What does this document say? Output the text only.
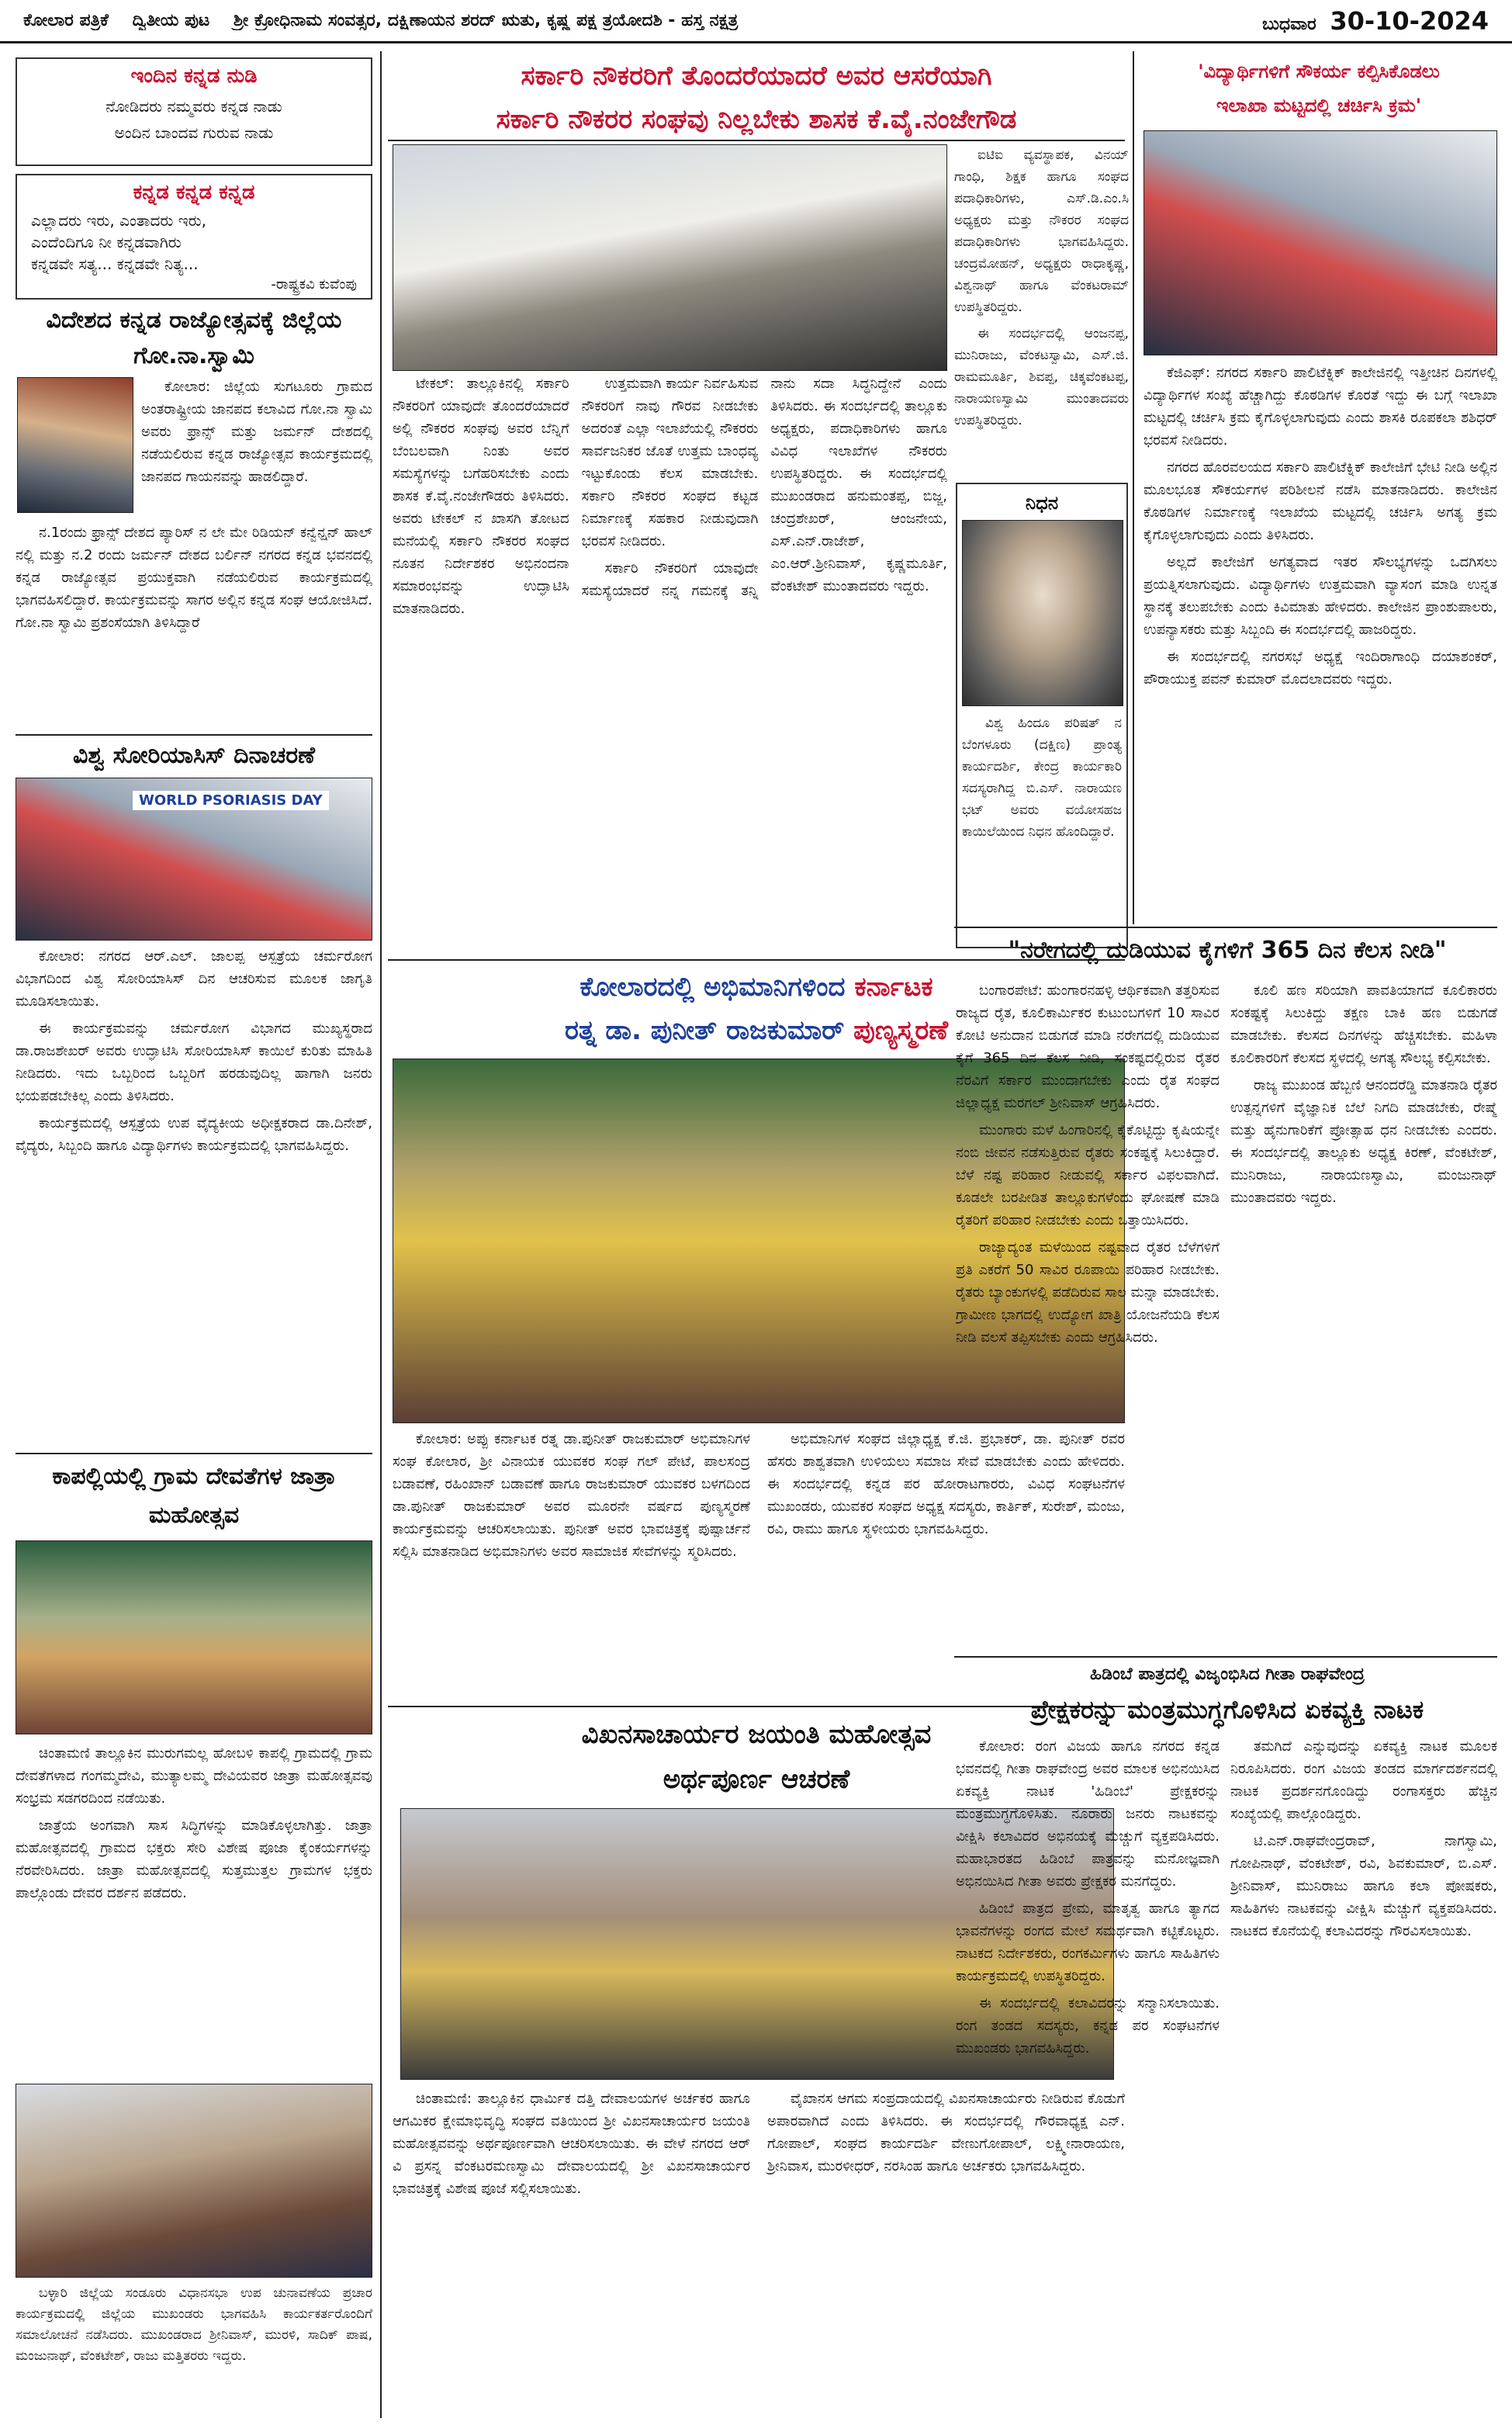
ಕೋಲಾರ ಪತ್ರಿಕೆ ದ್ವಿತೀಯ ಪುಟ ಶ್ರೀ ಕ್ರೋಧಿನಾಮ ಸಂವತ್ಸರ, ದಕ್ಷಿಣಾಯನ ಶರದ್ ಋತು, ಕೃಷ್ಣ ಪಕ್ಷ ತ್ರಯೋದಶಿ - ಹಸ್ತ ನಕ್ಷತ್ರ	ಬುಧವಾರ 30-10-2024
ಇಂದಿನ ಕನ್ನಡ ನುಡಿ
ನೋಡಿದರು ನಮ್ಮವರು ಕನ್ನಡ ನಾಡು
ಅಂದಿನ ಬಾಂದವ ಗುರುವ ನಾಡು
ಕನ್ನಡ ಕನ್ನಡ ಕನ್ನಡ
ಎಲ್ಲಾದರು ಇರು, ಎಂತಾದರು ಇರು,
ಎಂದೆಂದಿಗೂ ನೀ ಕನ್ನಡವಾಗಿರು
ಕನ್ನಡವೇ ಸತ್ಯ... ಕನ್ನಡವೇ ನಿತ್ಯ...
-ರಾಷ್ಟ್ರಕವಿ ಕುವೆಂಪು
ವಿದೇಶದ ಕನ್ನಡ ರಾಜ್ಯೋತ್ಸವಕ್ಕೆ ಜಿಲ್ಲೆಯ ಗೋ.ನಾ.ಸ್ವಾಮಿ

ಕೋಲಾರ: ಜಿಲ್ಲೆಯ ಸುಗಟೂರು ಗ್ರಾಮದ ಅಂತರಾಷ್ಟ್ರೀಯ ಜಾನಪದ ಕಲಾವಿದ ಗೋ.ನಾ ಸ್ವಾಮಿ ಅವರು ಫ್ರಾನ್ಸ್ ಮತ್ತು ಜರ್ಮನ್ ದೇಶದಲ್ಲಿ ನಡೆಯಲಿರುವ ಕನ್ನಡ ರಾಜ್ಯೋತ್ಸವ ಕಾರ್ಯಕ್ರಮದಲ್ಲಿ ಜಾನಪದ ಗಾಯನವನ್ನು ಹಾಡಲಿದ್ದಾರೆ.

ನ.1ರಂದು ಫ್ರಾನ್ಸ್ ದೇಶದ ಪ್ಯಾರಿಸ್ ನ ಲೇ ಮೇ ರಿಡಿಯನ್ ಕನ್ವೆನ್ಷನ್ ಹಾಲ್ ನಲ್ಲಿ ಮತ್ತು ನ.2 ರಂದು ಜರ್ಮನ್ ದೇಶದ ಬರ್ಲಿನ್ ನಗರದ ಕನ್ನಡ ಭವನದಲ್ಲಿ ಕನ್ನಡ ರಾಜ್ಯೋತ್ಸವ ಪ್ರಯುಕ್ತವಾಗಿ ನಡೆಯಲಿರುವ ಕಾರ್ಯಕ್ರಮದಲ್ಲಿ ಭಾಗವಹಿಸಲಿದ್ದಾರೆ. ಕಾರ್ಯಕ್ರಮವನ್ನು ಸಾಗರ ಅಲ್ಲಿನ ಕನ್ನಡ ಸಂಘ ಆಯೋಜಿಸಿದೆ. ಗೋ.ನಾ ಸ್ವಾಮಿ ಪ್ರಶಂಸೆಯಾಗಿ ತಿಳಿಸಿದ್ದಾರೆ

ವಿಶ್ವ ಸೋರಿಯಾಸಿಸ್ ದಿನಾಚರಣೆ
WORLD PSORIASIS DAY

ಕೋಲಾರ: ನಗರದ ಆರ್.ಎಲ್. ಜಾಲಪ್ಪ ಆಸ್ಪತ್ರೆಯ ಚರ್ಮರೋಗ ವಿಭಾಗದಿಂದ ವಿಶ್ವ ಸೋರಿಯಾಸಿಸ್ ದಿನ ಆಚರಿಸುವ ಮೂಲಕ ಜಾಗೃತಿ ಮೂಡಿಸಲಾಯಿತು.

ಈ ಕಾರ್ಯಕ್ರಮವನ್ನು ಚರ್ಮರೋಗ ವಿಭಾಗದ ಮುಖ್ಯಸ್ಥರಾದ ಡಾ.ರಾಜಶೇಖರ್ ಅವರು ಉದ್ಘಾಟಿಸಿ ಸೋರಿಯಾಸಿಸ್ ಕಾಯಿಲೆ ಕುರಿತು ಮಾಹಿತಿ ನೀಡಿದರು. ಇದು ಒಬ್ಬರಿಂದ ಒಬ್ಬರಿಗೆ ಹರಡುವುದಿಲ್ಲ ಹಾಗಾಗಿ ಜನರು ಭಯಪಡಬೇಕಿಲ್ಲ ಎಂದು ತಿಳಿಸಿದರು.

ಕಾರ್ಯಕ್ರಮದಲ್ಲಿ ಆಸ್ಪತ್ರೆಯ ಉಪ ವೈದ್ಯಕೀಯ ಅಧೀಕ್ಷಕರಾದ ಡಾ.ದಿನೇಶ್, ವೈದ್ಯರು, ಸಿಬ್ಬಂದಿ ಹಾಗೂ ವಿದ್ಯಾರ್ಥಿಗಳು ಕಾರ್ಯಕ್ರಮದಲ್ಲಿ ಭಾಗವಹಿಸಿದ್ದರು.

ಕಾಪಲ್ಲಿಯಲ್ಲಿ ಗ್ರಾಮ ದೇವತೆಗಳ ಜಾತ್ರಾ ಮಹೋತ್ಸವ

ಚಿಂತಾಮಣಿ ತಾಲ್ಲೂಕಿನ ಮುರುಗಮಲ್ಲ ಹೋಬಳಿ ಕಾಪಲ್ಲಿ ಗ್ರಾಮದಲ್ಲಿ ಗ್ರಾಮ ದೇವತೆಗಳಾದ ಗಂಗಮ್ಮದೇವಿ, ಮುತ್ಯಾಲಮ್ಮ ದೇವಿಯವರ ಜಾತ್ರಾ ಮಹೋತ್ಸವವು ಸಂಭ್ರಮ ಸಡಗರದಿಂದ ನಡೆಯಿತು.

ಜಾತ್ರೆಯ ಅಂಗವಾಗಿ ಸಾಸ ಸಿದ್ಧಿಗಳನ್ನು ಮಾಡಿಕೊಳ್ಳಲಾಗಿತ್ತು. ಜಾತ್ರಾ ಮಹೋತ್ಸವದಲ್ಲಿ ಗ್ರಾಮದ ಭಕ್ತರು ಸೇರಿ ವಿಶೇಷ ಪೂಜಾ ಕೈಂಕರ್ಯಗಳನ್ನು ನೆರವೇರಿಸಿದರು. ಜಾತ್ರಾ ಮಹೋತ್ಸವದಲ್ಲಿ ಸುತ್ತಮುತ್ತಲ ಗ್ರಾಮಗಳ ಭಕ್ತರು ಪಾಲ್ಗೊಂಡು ದೇವರ ದರ್ಶನ ಪಡೆದರು.

ಬಳ್ಳಾರಿ ಜಿಲ್ಲೆಯ ಸಂಡೂರು ವಿಧಾನಸಭಾ ಉಪ ಚುನಾವಣೆಯ ಪ್ರಚಾರ ಕಾರ್ಯಕ್ರಮದಲ್ಲಿ ಜಿಲ್ಲೆಯ ಮುಖಂಡರು ಭಾಗವಹಿಸಿ ಕಾರ್ಯಕರ್ತರೊಂದಿಗೆ ಸಮಾಲೋಚನೆ ನಡೆಸಿದರು. ಮುಖಂಡರಾದ ಶ್ರೀನಿವಾಸ್, ಮುರಳಿ, ಸಾದಿಕ್ ಪಾಷ, ಮಂಜುನಾಥ್, ವೆಂಕಟೇಶ್, ರಾಜು ಮತ್ತಿತರರು ಇದ್ದರು.

ಸರ್ಕಾರಿ ನೌಕರರಿಗೆ ತೊಂದರೆಯಾದರೆ ಅವರ ಆಸರೆಯಾಗಿ
ಸರ್ಕಾರಿ ನೌಕರರ ಸಂಘವು ನಿಲ್ಲಬೇಕು ಶಾಸಕ ಕೆ.ವೈ.ನಂಜೇಗೌಡ

ಐಟಿಐ ವ್ಯವಸ್ಥಾಪಕ, ವಿನಯ್ ಗಾಂಧಿ, ಶಿಕ್ಷಕ ಹಾಗೂ ಸಂಘದ ಪದಾಧಿಕಾರಿಗಳು, ಎಸ್.ಡಿ.ಎಂ.ಸಿ ಅಧ್ಯಕ್ಷರು ಮತ್ತು ನೌಕರರ ಸಂಘದ ಪದಾಧಿಕಾರಿಗಳು ಭಾಗವಹಿಸಿದ್ದರು. ಚಂದ್ರಮೋಹನ್, ಅಧ್ಯಕ್ಷರು ರಾಧಾಕೃಷ್ಣ, ವಿಶ್ವನಾಥ್ ಹಾಗೂ ವೆಂಕಟರಾಮ್ ಉಪಸ್ಥಿತರಿದ್ದರು.

ಈ ಸಂದರ್ಭದಲ್ಲಿ ಆಂಜನಪ್ಪ, ಮುನಿರಾಜು, ವೆಂಕಟಸ್ವಾಮಿ, ಎಸ್.ಜಿ. ರಾಮಮೂರ್ತಿ, ಶಿವಪ್ಪ, ಚಿಕ್ಕವೆಂಕಟಪ್ಪ, ನಾರಾಯಣಸ್ವಾಮಿ ಮುಂತಾದವರು ಉಪಸ್ಥಿತರಿದ್ದರು.

ಟೇಕಲ್: ತಾಲ್ಲೂಕಿನಲ್ಲಿ ಸರ್ಕಾರಿ ನೌಕರರಿಗೆ ಯಾವುದೇ ತೊಂದರೆಯಾದರೆ ಅಲ್ಲಿ ನೌಕರರ ಸಂಘವು ಅವರ ಬೆನ್ನಿಗೆ ಬೆಂಬಲವಾಗಿ ನಿಂತು ಅವರ ಸಮಸ್ಯೆಗಳನ್ನು ಬಗೆಹರಿಸಬೇಕು ಎಂದು ಶಾಸಕ ಕೆ.ವೈ.ನಂಜೇಗೌಡರು ತಿಳಿಸಿದರು. ಅವರು ಟೇಕಲ್ ನ ಖಾಸಗಿ ತೋಟದ ಮನೆಯಲ್ಲಿ ಸರ್ಕಾರಿ ನೌಕರರ ಸಂಘದ ನೂತನ ನಿರ್ದೇಶಕರ ಅಭಿನಂದನಾ ಸಮಾರಂಭವನ್ನು ಉದ್ಘಾಟಿಸಿ ಮಾತನಾಡಿದರು.

ಉತ್ತಮವಾಗಿ ಕಾರ್ಯ ನಿರ್ವಹಿಸುವ ನೌಕರರಿಗೆ ನಾವು ಗೌರವ ನೀಡಬೇಕು ಅದರಂತೆ ಎಲ್ಲಾ ಇಲಾಖೆಯಲ್ಲಿ ನೌಕರರು ಸಾರ್ವಜನಿಕರ ಜೊತೆ ಉತ್ತಮ ಬಾಂಧವ್ಯ ಇಟ್ಟುಕೊಂಡು ಕೆಲಸ ಮಾಡಬೇಕು. ಸರ್ಕಾರಿ ನೌಕರರ ಸಂಘದ ಕಟ್ಟಡ ನಿರ್ಮಾಣಕ್ಕೆ ಸಹಕಾರ ನೀಡುವುದಾಗಿ ಭರವಸೆ ನೀಡಿದರು.

ಸರ್ಕಾರಿ ನೌಕರರಿಗೆ ಯಾವುದೇ ಸಮಸ್ಯೆಯಾದರೆ ನನ್ನ ಗಮನಕ್ಕೆ ತನ್ನಿ ನಾನು ಸದಾ ಸಿದ್ಧನಿದ್ದೇನೆ ಎಂದು ತಿಳಿಸಿದರು. ಈ ಸಂದರ್ಭದಲ್ಲಿ ತಾಲ್ಲೂಕು ಅಧ್ಯಕ್ಷರು, ಪದಾಧಿಕಾರಿಗಳು ಹಾಗೂ ವಿವಿಧ ಇಲಾಖೆಗಳ ನೌಕರರು ಉಪಸ್ಥಿತರಿದ್ದರು. ಈ ಸಂದರ್ಭದಲ್ಲಿ ಮುಖಂಡರಾದ ಹನುಮಂತಪ್ಪ, ಬಿಜ್ಜ, ಚಂದ್ರಶೇಖರ್, ಆಂಜನೇಯ, ಎಸ್.ಎನ್.ರಾಜೇಶ್, ಎಂ.ಆರ್.ಶ್ರೀನಿವಾಸ್, ಕೃಷ್ಣಮೂರ್ತಿ, ವೆಂಕಟೇಶ್ ಮುಂತಾದವರು ಇದ್ದರು.

ನಿಧನ

ವಿಶ್ವ ಹಿಂದೂ ಪರಿಷತ್ ನ ಬೆಂಗಳೂರು (ದಕ್ಷಿಣ) ಪ್ರಾಂತ್ಯ ಕಾರ್ಯದರ್ಶಿ, ಕೇಂದ್ರ ಕಾರ್ಯಕಾರಿ ಸದಸ್ಯರಾಗಿದ್ದ ಬಿ.ಎಸ್. ನಾರಾಯಣ ಭಟ್ ಅವರು ವಯೋಸಹಜ ಕಾಯಿಲೆಯಿಂದ ನಿಧನ ಹೊಂದಿದ್ದಾರೆ.

ಕೋಲಾರದಲ್ಲಿ ಅಭಿಮಾನಿಗಳಿಂದ ಕರ್ನಾಟಕ
ರತ್ನ ಡಾ. ಪುನೀತ್ ರಾಜಕುಮಾರ್ ಪುಣ್ಯಸ್ಮರಣೆ

ಕೋಲಾರ: ಅಪ್ಪು ಕರ್ನಾಟಕ ರತ್ನ ಡಾ.ಪುನೀತ್ ರಾಜಕುಮಾರ್ ಅಭಿಮಾನಿಗಳ ಸಂಘ ಕೋಲಾರ, ಶ್ರೀ ವಿನಾಯಕ ಯುವಕರ ಸಂಘ ಗಲ್ ಪೇಟೆ, ಪಾಲಸಂದ್ರ ಬಡಾವಣೆ, ರಹಿಂಖಾನ್ ಬಡಾವಣೆ ಹಾಗೂ ರಾಜಕುಮಾರ್ ಯುವಕರ ಬಳಗದಿಂದ ಡಾ.ಪುನೀತ್ ರಾಜಕುಮಾರ್ ಅವರ ಮೂರನೇ ವರ್ಷದ ಪುಣ್ಯಸ್ಮರಣೆ ಕಾರ್ಯಕ್ರಮವನ್ನು ಆಚರಿಸಲಾಯಿತು. ಪುನೀತ್ ಅವರ ಭಾವಚಿತ್ರಕ್ಕೆ ಪುಷ್ಪಾರ್ಚನೆ ಸಲ್ಲಿಸಿ ಮಾತನಾಡಿದ ಅಭಿಮಾನಿಗಳು ಅವರ ಸಾಮಾಜಿಕ ಸೇವೆಗಳನ್ನು ಸ್ಮರಿಸಿದರು.

ಅಭಿಮಾನಿಗಳ ಸಂಘದ ಜಿಲ್ಲಾಧ್ಯಕ್ಷ ಕೆ.ಜಿ. ಪ್ರಭಾಕರ್, ಡಾ. ಪುನೀತ್ ರವರ ಹೆಸರು ಶಾಶ್ವತವಾಗಿ ಉಳಿಯಲು ಸಮಾಜ ಸೇವೆ ಮಾಡಬೇಕು ಎಂದು ಹೇಳಿದರು. ಈ ಸಂದರ್ಭದಲ್ಲಿ ಕನ್ನಡ ಪರ ಹೋರಾಟಗಾರರು, ವಿವಿಧ ಸಂಘಟನೆಗಳ ಮುಖಂಡರು, ಯುವಕರ ಸಂಘದ ಅಧ್ಯಕ್ಷ ಸದಸ್ಯರು, ಕಾರ್ತಿಕ್, ಸುರೇಶ್, ಮಂಜು, ರವಿ, ರಾಮು ಹಾಗೂ ಸ್ಥಳೀಯರು ಭಾಗವಹಿಸಿದ್ದರು.

ವಿಖನಸಾಚಾರ್ಯರ ಜಯಂತಿ ಮಹೋತ್ಸವ
ಅರ್ಥಪೂರ್ಣ ಆಚರಣೆ

ಚಿಂತಾಮಣಿ: ತಾಲ್ಲೂಕಿನ ಧಾರ್ಮಿಕ ದತ್ತಿ ದೇವಾಲಯಗಳ ಅರ್ಚಕರ ಹಾಗೂ ಆಗಮಿಕರ ಕ್ಷೇಮಾಭಿವೃದ್ಧಿ ಸಂಘದ ವತಿಯಿಂದ ಶ್ರೀ ವಿಖನಸಾಚಾರ್ಯರ ಜಯಂತಿ ಮಹೋತ್ಸವವನ್ನು ಅರ್ಥಪೂರ್ಣವಾಗಿ ಆಚರಿಸಲಾಯಿತು. ಈ ವೇಳೆ ನಗರದ ಆರ್ ವಿ ಪ್ರಸನ್ನ ವೆಂಕಟರಮಣಸ್ವಾಮಿ ದೇವಾಲಯದಲ್ಲಿ ಶ್ರೀ ವಿಖನಸಾಚಾರ್ಯರ ಭಾವಚಿತ್ರಕ್ಕೆ ವಿಶೇಷ ಪೂಜೆ ಸಲ್ಲಿಸಲಾಯಿತು.

ವೈಖಾನಸ ಆಗಮ ಸಂಪ್ರದಾಯದಲ್ಲಿ ವಿಖನಸಾಚಾರ್ಯರು ನೀಡಿರುವ ಕೊಡುಗೆ ಅಪಾರವಾಗಿದೆ ಎಂದು ತಿಳಿಸಿದರು. ಈ ಸಂದರ್ಭದಲ್ಲಿ ಗೌರವಾಧ್ಯಕ್ಷ ಎನ್. ಗೋಪಾಲ್, ಸಂಘದ ಕಾರ್ಯದರ್ಶಿ ವೇಣುಗೋಪಾಲ್, ಲಕ್ಷ್ಮೀನಾರಾಯಣ, ಶ್ರೀನಿವಾಸ, ಮುರಳೀಧರ್, ನರಸಿಂಹ ಹಾಗೂ ಅರ್ಚಕರು ಭಾಗವಹಿಸಿದ್ದರು.

'ವಿದ್ಯಾರ್ಥಿಗಳಿಗೆ ಸೌಕರ್ಯ ಕಲ್ಪಿಸಿಕೊಡಲು
ಇಲಾಖಾ ಮಟ್ಟದಲ್ಲಿ ಚರ್ಚಿಸಿ ಕ್ರಮ'

ಕೆಜಿಎಫ್: ನಗರದ ಸರ್ಕಾರಿ ಪಾಲಿಟೆಕ್ನಿಕ್ ಕಾಲೇಜಿನಲ್ಲಿ ಇತ್ತೀಚಿನ ದಿನಗಳಲ್ಲಿ ವಿದ್ಯಾರ್ಥಿಗಳ ಸಂಖ್ಯೆ ಹೆಚ್ಚಾಗಿದ್ದು ಕೊಠಡಿಗಳ ಕೊರತೆ ಇದ್ದು ಈ ಬಗ್ಗೆ ಇಲಾಖಾ ಮಟ್ಟದಲ್ಲಿ ಚರ್ಚಿಸಿ ಕ್ರಮ ಕೈಗೊಳ್ಳಲಾಗುವುದು ಎಂದು ಶಾಸಕಿ ರೂಪಕಲಾ ಶಶಿಧರ್ ಭರವಸೆ ನೀಡಿದರು.

ನಗರದ ಹೊರವಲಯದ ಸರ್ಕಾರಿ ಪಾಲಿಟೆಕ್ನಿಕ್ ಕಾಲೇಜಿಗೆ ಭೇಟಿ ನೀಡಿ ಅಲ್ಲಿನ ಮೂಲಭೂತ ಸೌಕರ್ಯಗಳ ಪರಿಶೀಲನೆ ನಡೆಸಿ ಮಾತನಾಡಿದರು. ಕಾಲೇಜಿನ ಕೊಠಡಿಗಳ ನಿರ್ಮಾಣಕ್ಕೆ ಇಲಾಖೆಯ ಮಟ್ಟದಲ್ಲಿ ಚರ್ಚಿಸಿ ಅಗತ್ಯ ಕ್ರಮ ಕೈಗೊಳ್ಳಲಾಗುವುದು ಎಂದು ತಿಳಿಸಿದರು.

ಅಲ್ಲದೆ ಕಾಲೇಜಿಗೆ ಅಗತ್ಯವಾದ ಇತರ ಸೌಲಭ್ಯಗಳನ್ನು ಒದಗಿಸಲು ಪ್ರಯತ್ನಿಸಲಾಗುವುದು. ವಿದ್ಯಾರ್ಥಿಗಳು ಉತ್ತಮವಾಗಿ ವ್ಯಾಸಂಗ ಮಾಡಿ ಉನ್ನತ ಸ್ಥಾನಕ್ಕೆ ತಲುಪಬೇಕು ಎಂದು ಕಿವಿಮಾತು ಹೇಳಿದರು. ಕಾಲೇಜಿನ ಪ್ರಾಂಶುಪಾಲರು, ಉಪನ್ಯಾಸಕರು ಮತ್ತು ಸಿಬ್ಬಂದಿ ಈ ಸಂದರ್ಭದಲ್ಲಿ ಹಾಜರಿದ್ದರು.

ಈ ಸಂದರ್ಭದಲ್ಲಿ ನಗರಸಭೆ ಅಧ್ಯಕ್ಷೆ ಇಂದಿರಾಗಾಂಧಿ ದಯಾಶಂಕರ್, ಪೌರಾಯುಕ್ತ ಪವನ್ ಕುಮಾರ್ ಮೊದಲಾದವರು ಇದ್ದರು.

"ನರೇಗದಲ್ಲಿ ದುಡಿಯುವ ಕೈಗಳಿಗೆ 365 ದಿನ ಕೆಲಸ ನೀಡಿ"

ಬಂಗಾರಪೇಟೆ: ಹುಂಗಾರನಹಳ್ಳಿ ಆರ್ಥಿಕವಾಗಿ ತತ್ತರಿಸುವ ರಾಜ್ಯದ ರೈತ, ಕೂಲಿಕಾರ್ಮಿಕರ ಕುಟುಂಬಗಳಿಗೆ 10 ಸಾವಿರ ಕೋಟಿ ಅನುದಾನ ಬಿಡುಗಡೆ ಮಾಡಿ ನರೇಗದಲ್ಲಿ ದುಡಿಯುವ ಕೈಗೆ 365 ದಿನ ಕೆಲಸ ನೀಡಿ, ಸಂಕಷ್ಟದಲ್ಲಿರುವ ರೈತರ ನೆರವಿಗೆ ಸರ್ಕಾರ ಮುಂದಾಗಬೇಕು ಎಂದು ರೈತ ಸಂಘದ ಜಿಲ್ಲಾಧ್ಯಕ್ಷ ಮರಗಲ್ ಶ್ರೀನಿವಾಸ್ ಆಗ್ರಹಿಸಿದರು.

ಮುಂಗಾರು ಮಳೆ ಹಿಂಗಾರಿನಲ್ಲಿ ಕೈಕೊಟ್ಟಿದ್ದು ಕೃಷಿಯನ್ನೇ ನಂಬಿ ಜೀವನ ನಡೆಸುತ್ತಿರುವ ರೈತರು ಸಂಕಷ್ಟಕ್ಕೆ ಸಿಲುಕಿದ್ದಾರೆ. ಬೆಳೆ ನಷ್ಟ ಪರಿಹಾರ ನೀಡುವಲ್ಲಿ ಸರ್ಕಾರ ವಿಫಲವಾಗಿದೆ. ಕೂಡಲೇ ಬರಪೀಡಿತ ತಾಲ್ಲೂಕುಗಳೆಂದು ಘೋಷಣೆ ಮಾಡಿ ರೈತರಿಗೆ ಪರಿಹಾರ ನೀಡಬೇಕು ಎಂದು ಒತ್ತಾಯಿಸಿದರು.

ರಾಜ್ಯಾದ್ಯಂತ ಮಳೆಯಿಂದ ನಷ್ಟವಾದ ರೈತರ ಬೆಳೆಗಳಿಗೆ ಪ್ರತಿ ಎಕರೆಗೆ 50 ಸಾವಿರ ರೂಪಾಯಿ ಪರಿಹಾರ ನೀಡಬೇಕು. ರೈತರು ಬ್ಯಾಂಕುಗಳಲ್ಲಿ ಪಡೆದಿರುವ ಸಾಲ ಮನ್ನಾ ಮಾಡಬೇಕು. ಗ್ರಾಮೀಣ ಭಾಗದಲ್ಲಿ ಉದ್ಯೋಗ ಖಾತ್ರಿ ಯೋಜನೆಯಡಿ ಕೆಲಸ ನೀಡಿ ವಲಸೆ ತಪ್ಪಿಸಬೇಕು ಎಂದು ಆಗ್ರಹಿಸಿದರು.

ಕೂಲಿ ಹಣ ಸರಿಯಾಗಿ ಪಾವತಿಯಾಗದೆ ಕೂಲಿಕಾರರು ಸಂಕಷ್ಟಕ್ಕೆ ಸಿಲುಕಿದ್ದು ತಕ್ಷಣ ಬಾಕಿ ಹಣ ಬಿಡುಗಡೆ ಮಾಡಬೇಕು. ಕೆಲಸದ ದಿನಗಳನ್ನು ಹೆಚ್ಚಿಸಬೇಕು. ಮಹಿಳಾ ಕೂಲಿಕಾರರಿಗೆ ಕೆಲಸದ ಸ್ಥಳದಲ್ಲಿ ಅಗತ್ಯ ಸೌಲಭ್ಯ ಕಲ್ಪಿಸಬೇಕು.

ರಾಜ್ಯ ಮುಖಂಡ ಹೆಬ್ಬಣಿ ಆನಂದರೆಡ್ಡಿ ಮಾತನಾಡಿ ರೈತರ ಉತ್ಪನ್ನಗಳಿಗೆ ವೈಜ್ಞಾನಿಕ ಬೆಲೆ ನಿಗದಿ ಮಾಡಬೇಕು, ರೇಷ್ಮೆ ಮತ್ತು ಹೈನುಗಾರಿಕೆಗೆ ಪ್ರೋತ್ಸಾಹ ಧನ ನೀಡಬೇಕು ಎಂದರು. ಈ ಸಂದರ್ಭದಲ್ಲಿ ತಾಲ್ಲೂಕು ಅಧ್ಯಕ್ಷ ಕಿರಣ್, ವೆಂಕಟೇಶ್, ಮುನಿರಾಜು, ನಾರಾಯಣಸ್ವಾಮಿ, ಮಂಜುನಾಥ್ ಮುಂತಾದವರು ಇದ್ದರು.

ಹಿಡಿಂಬೆ ಪಾತ್ರದಲ್ಲಿ ವಿಜೃಂಭಿಸಿದ ಗೀತಾ ರಾಘವೇಂದ್ರ
ಪ್ರೇಕ್ಷಕರನ್ನು ಮಂತ್ರಮುಗ್ಧಗೊಳಿಸಿದ ಏಕವ್ಯಕ್ತಿ ನಾಟಕ

ಕೋಲಾರ: ರಂಗ ವಿಜಯ ಹಾಗೂ ನಗರದ ಕನ್ನಡ ಭವನದಲ್ಲಿ ಗೀತಾ ರಾಘವೇಂದ್ರ ಅವರ ಮಾಲಕ ಅಭಿನಯಿಸಿದ ಏಕವ್ಯಕ್ತಿ ನಾಟಕ 'ಹಿಡಿಂಬೆ' ಪ್ರೇಕ್ಷಕರನ್ನು ಮಂತ್ರಮುಗ್ಧಗೊಳಿಸಿತು. ನೂರಾರು ಜನರು ನಾಟಕವನ್ನು ವೀಕ್ಷಿಸಿ ಕಲಾವಿದರ ಅಭಿನಯಕ್ಕೆ ಮೆಚ್ಚುಗೆ ವ್ಯಕ್ತಪಡಿಸಿದರು. ಮಹಾಭಾರತದ ಹಿಡಿಂಬೆ ಪಾತ್ರವನ್ನು ಮನೋಜ್ಞವಾಗಿ ಅಭಿನಯಿಸಿದ ಗೀತಾ ಅವರು ಪ್ರೇಕ್ಷಕರ ಮನಗೆದ್ದರು.

ಹಿಡಿಂಬೆ ಪಾತ್ರದ ಪ್ರೇಮ, ಮಾತೃತ್ವ ಹಾಗೂ ತ್ಯಾಗದ ಭಾವನೆಗಳನ್ನು ರಂಗದ ಮೇಲೆ ಸಮರ್ಥವಾಗಿ ಕಟ್ಟಿಕೊಟ್ಟರು. ನಾಟಕದ ನಿರ್ದೇಶಕರು, ರಂಗಕರ್ಮಿಗಳು ಹಾಗೂ ಸಾಹಿತಿಗಳು ಕಾರ್ಯಕ್ರಮದಲ್ಲಿ ಉಪಸ್ಥಿತರಿದ್ದರು.

ಈ ಸಂದರ್ಭದಲ್ಲಿ ಕಲಾವಿದರನ್ನು ಸನ್ಮಾನಿಸಲಾಯಿತು. ರಂಗ ತಂಡದ ಸದಸ್ಯರು, ಕನ್ನಡ ಪರ ಸಂಘಟನೆಗಳ ಮುಖಂಡರು ಭಾಗವಹಿಸಿದ್ದರು.

ತಮಗಿದೆ ಎನ್ನುವುದನ್ನು ಏಕವ್ಯಕ್ತಿ ನಾಟಕ ಮೂಲಕ ನಿರೂಪಿಸಿದರು. ರಂಗ ವಿಜಯ ತಂಡದ ಮಾರ್ಗದರ್ಶನದಲ್ಲಿ ನಾಟಕ ಪ್ರದರ್ಶನಗೊಂಡಿದ್ದು ರಂಗಾಸಕ್ತರು ಹೆಚ್ಚಿನ ಸಂಖ್ಯೆಯಲ್ಲಿ ಪಾಲ್ಗೊಂಡಿದ್ದರು.

ಟಿ.ಎನ್.ರಾಘವೇಂದ್ರರಾವ್, ನಾಗಸ್ವಾಮಿ, ಗೋಪಿನಾಥ್, ವೆಂಕಟೇಶ್, ರವಿ, ಶಿವಕುಮಾರ್, ಬಿ.ಎಸ್. ಶ್ರೀನಿವಾಸ್, ಮುನಿರಾಜು ಹಾಗೂ ಕಲಾ ಪೋಷಕರು, ಸಾಹಿತಿಗಳು ನಾಟಕವನ್ನು ವೀಕ್ಷಿಸಿ ಮೆಚ್ಚುಗೆ ವ್ಯಕ್ತಪಡಿಸಿದರು. ನಾಟಕದ ಕೊನೆಯಲ್ಲಿ ಕಲಾವಿದರನ್ನು ಗೌರವಿಸಲಾಯಿತು.
